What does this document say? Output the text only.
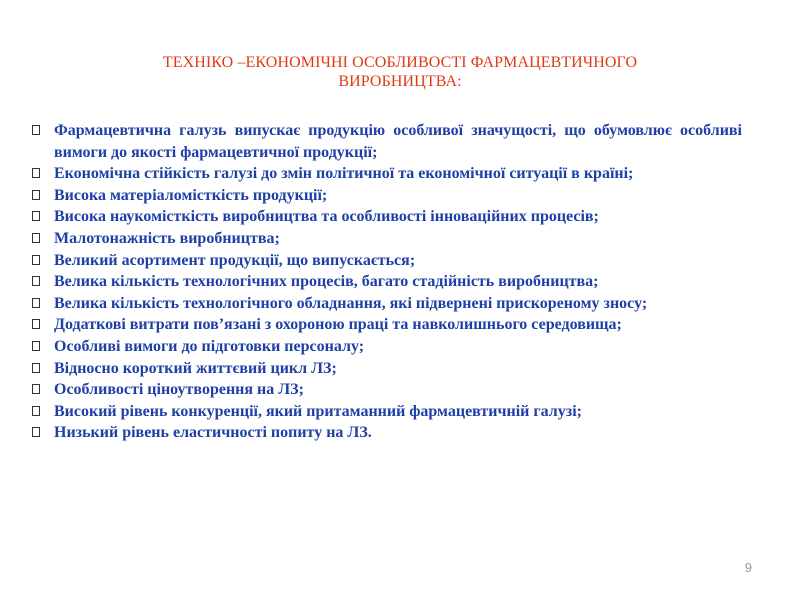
ТЕХНІКО –ЕКОНОМІЧНІ ОСОБЛИВОСТІ ФАРМАЦЕВТИЧНОГО
ВИРОБНИЦТВА:
Фармацевтична галузь випускає продукцію особливої значущості, що обумовлює особливі вимоги до якості фармацевтичної продукції;
Економічна стійкість галузі до змін політичної та економічної ситуації в країні;
Висока матеріаломісткість продукції;
Висока наукомісткість виробництва та особливості інноваційних процесів;
Малотонажність виробництва;
Великий асортимент продукції, що випускається;
Велика кількість технологічних процесів, багато стадійність виробництва;
Велика кількість технологічного обладнання, які підвернені прискореному зносу;
Додаткові витрати пов’язані з охороною праці та навколишнього середовища;
Особливі вимоги до підготовки персоналу;
Відносно короткий життєвий цикл ЛЗ;
Особливості ціноутворення на ЛЗ;
Високий рівень конкуренції, який притаманний фармацевтичній галузі;
Низький рівень еластичності попиту на ЛЗ.
9
